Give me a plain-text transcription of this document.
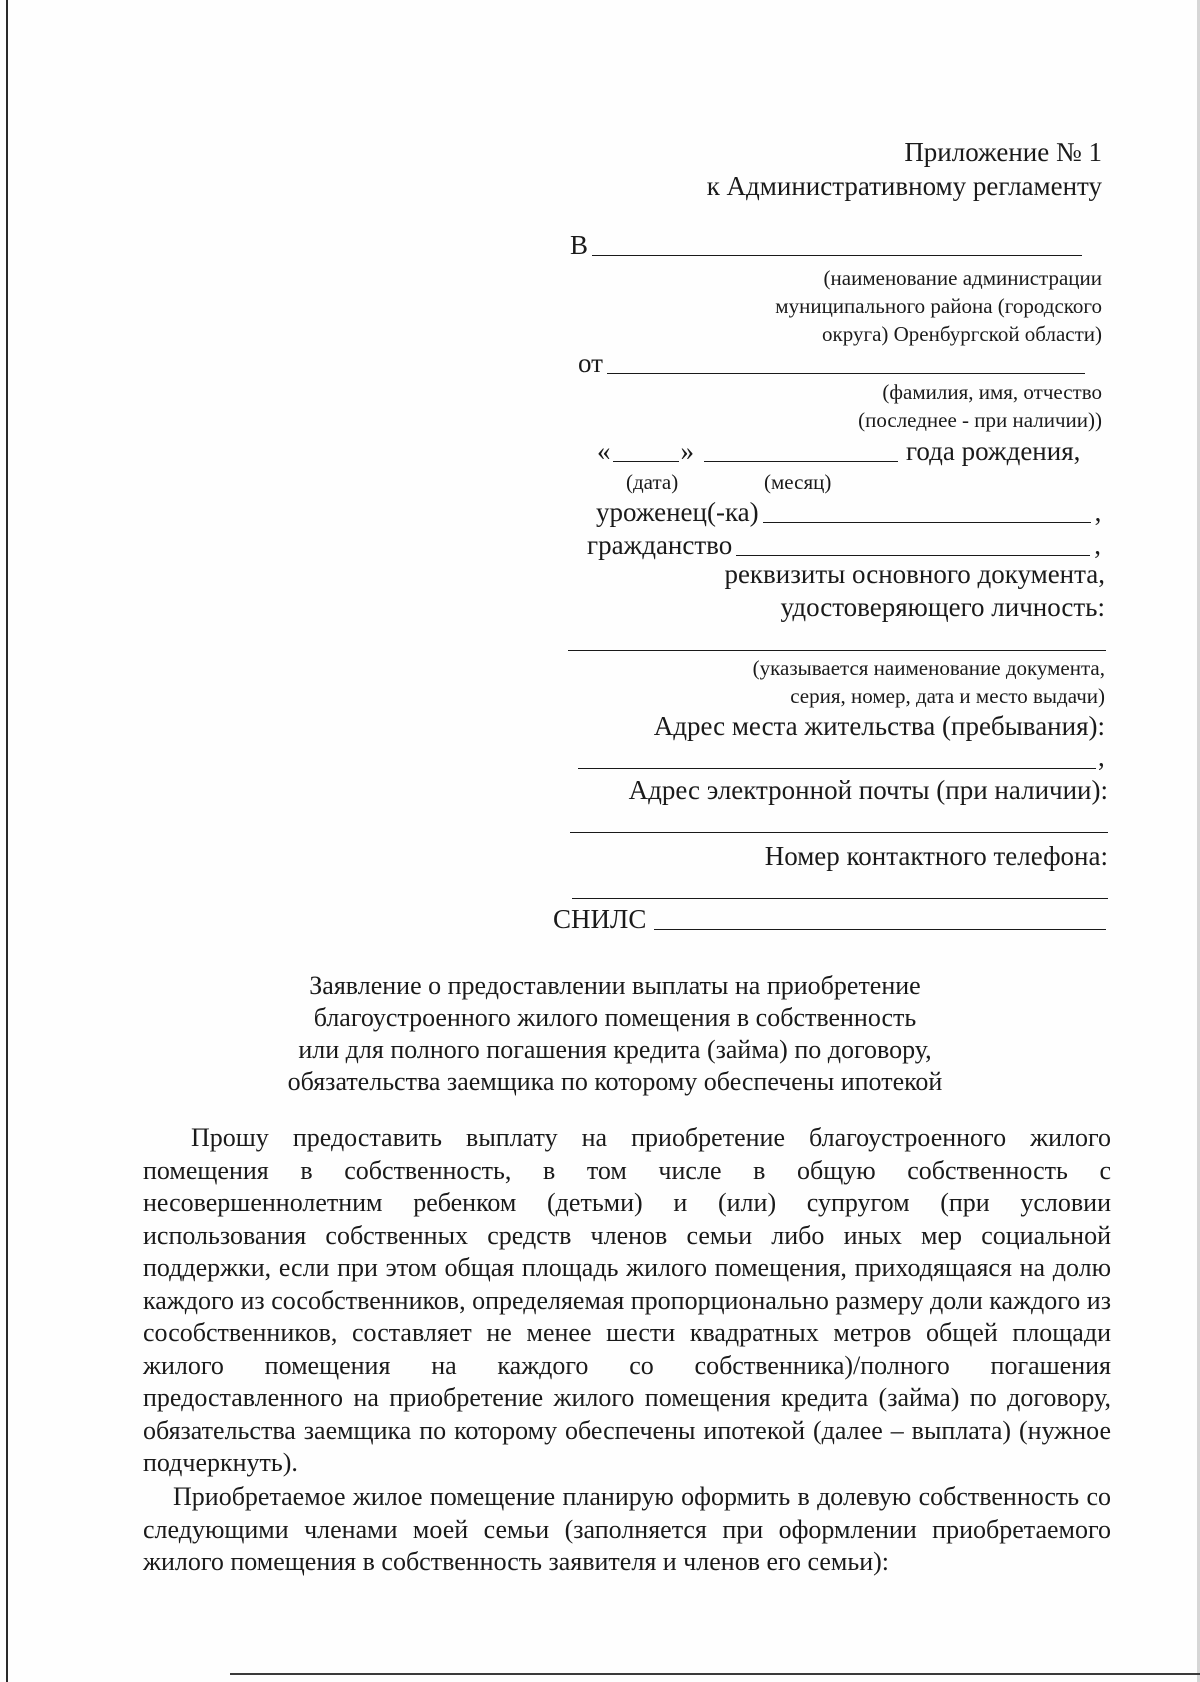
Приложение № 1
к Административному регламенту
В
(наименование администрации
муниципального района (городского
округа) Оренбургской области)
от
(фамилия, имя, отчество
(последнее - при наличии))
«	»	года рождения,
(дата)	(месяц)
уроженец(-ка)	,
гражданство	,
реквизиты основного документа,
удостоверяющего личность:
(указывается наименование документа,
серия, номер, дата и место выдачи)
Адрес места жительства (пребывания):
,
Адрес электронной почты (при наличии):
Номер контактного телефона:
СНИЛС
Заявление о предоставлении выплаты на приобретение
благоустроенного жилого помещения в собственность
или для полного погашения кредита (займа) по договору,
обязательства заемщика по которому обеспечены ипотекой
Прошу предоставить выплату на приобретение благоустроенного жилого помещения в собственность, в том числе в общую собственность с несовершеннолетним ребенком (детьми) и (или) супругом (при условии использования собственных средств членов семьи либо иных мер социальной поддержки, если при этом общая площадь жилого помещения, приходящаяся на долю каждого из сособственников, определяемая пропорционально размеру доли каждого из сособственников, составляет не менее шести квадратных метров общей площади жилого помещения на каждого со собственника)/полного погашения предоставленного на приобретение жилого помещения кредита (займа) по договору, обязательства заемщика по которому обеспечены ипотекой (далее – выплата) (нужное подчеркнуть).
Приобретаемое жилое помещение планирую оформить в долевую собственность со следующими членами моей семьи (заполняется при оформлении приобретаемого жилого помещения в собственность заявителя и членов его семьи):
